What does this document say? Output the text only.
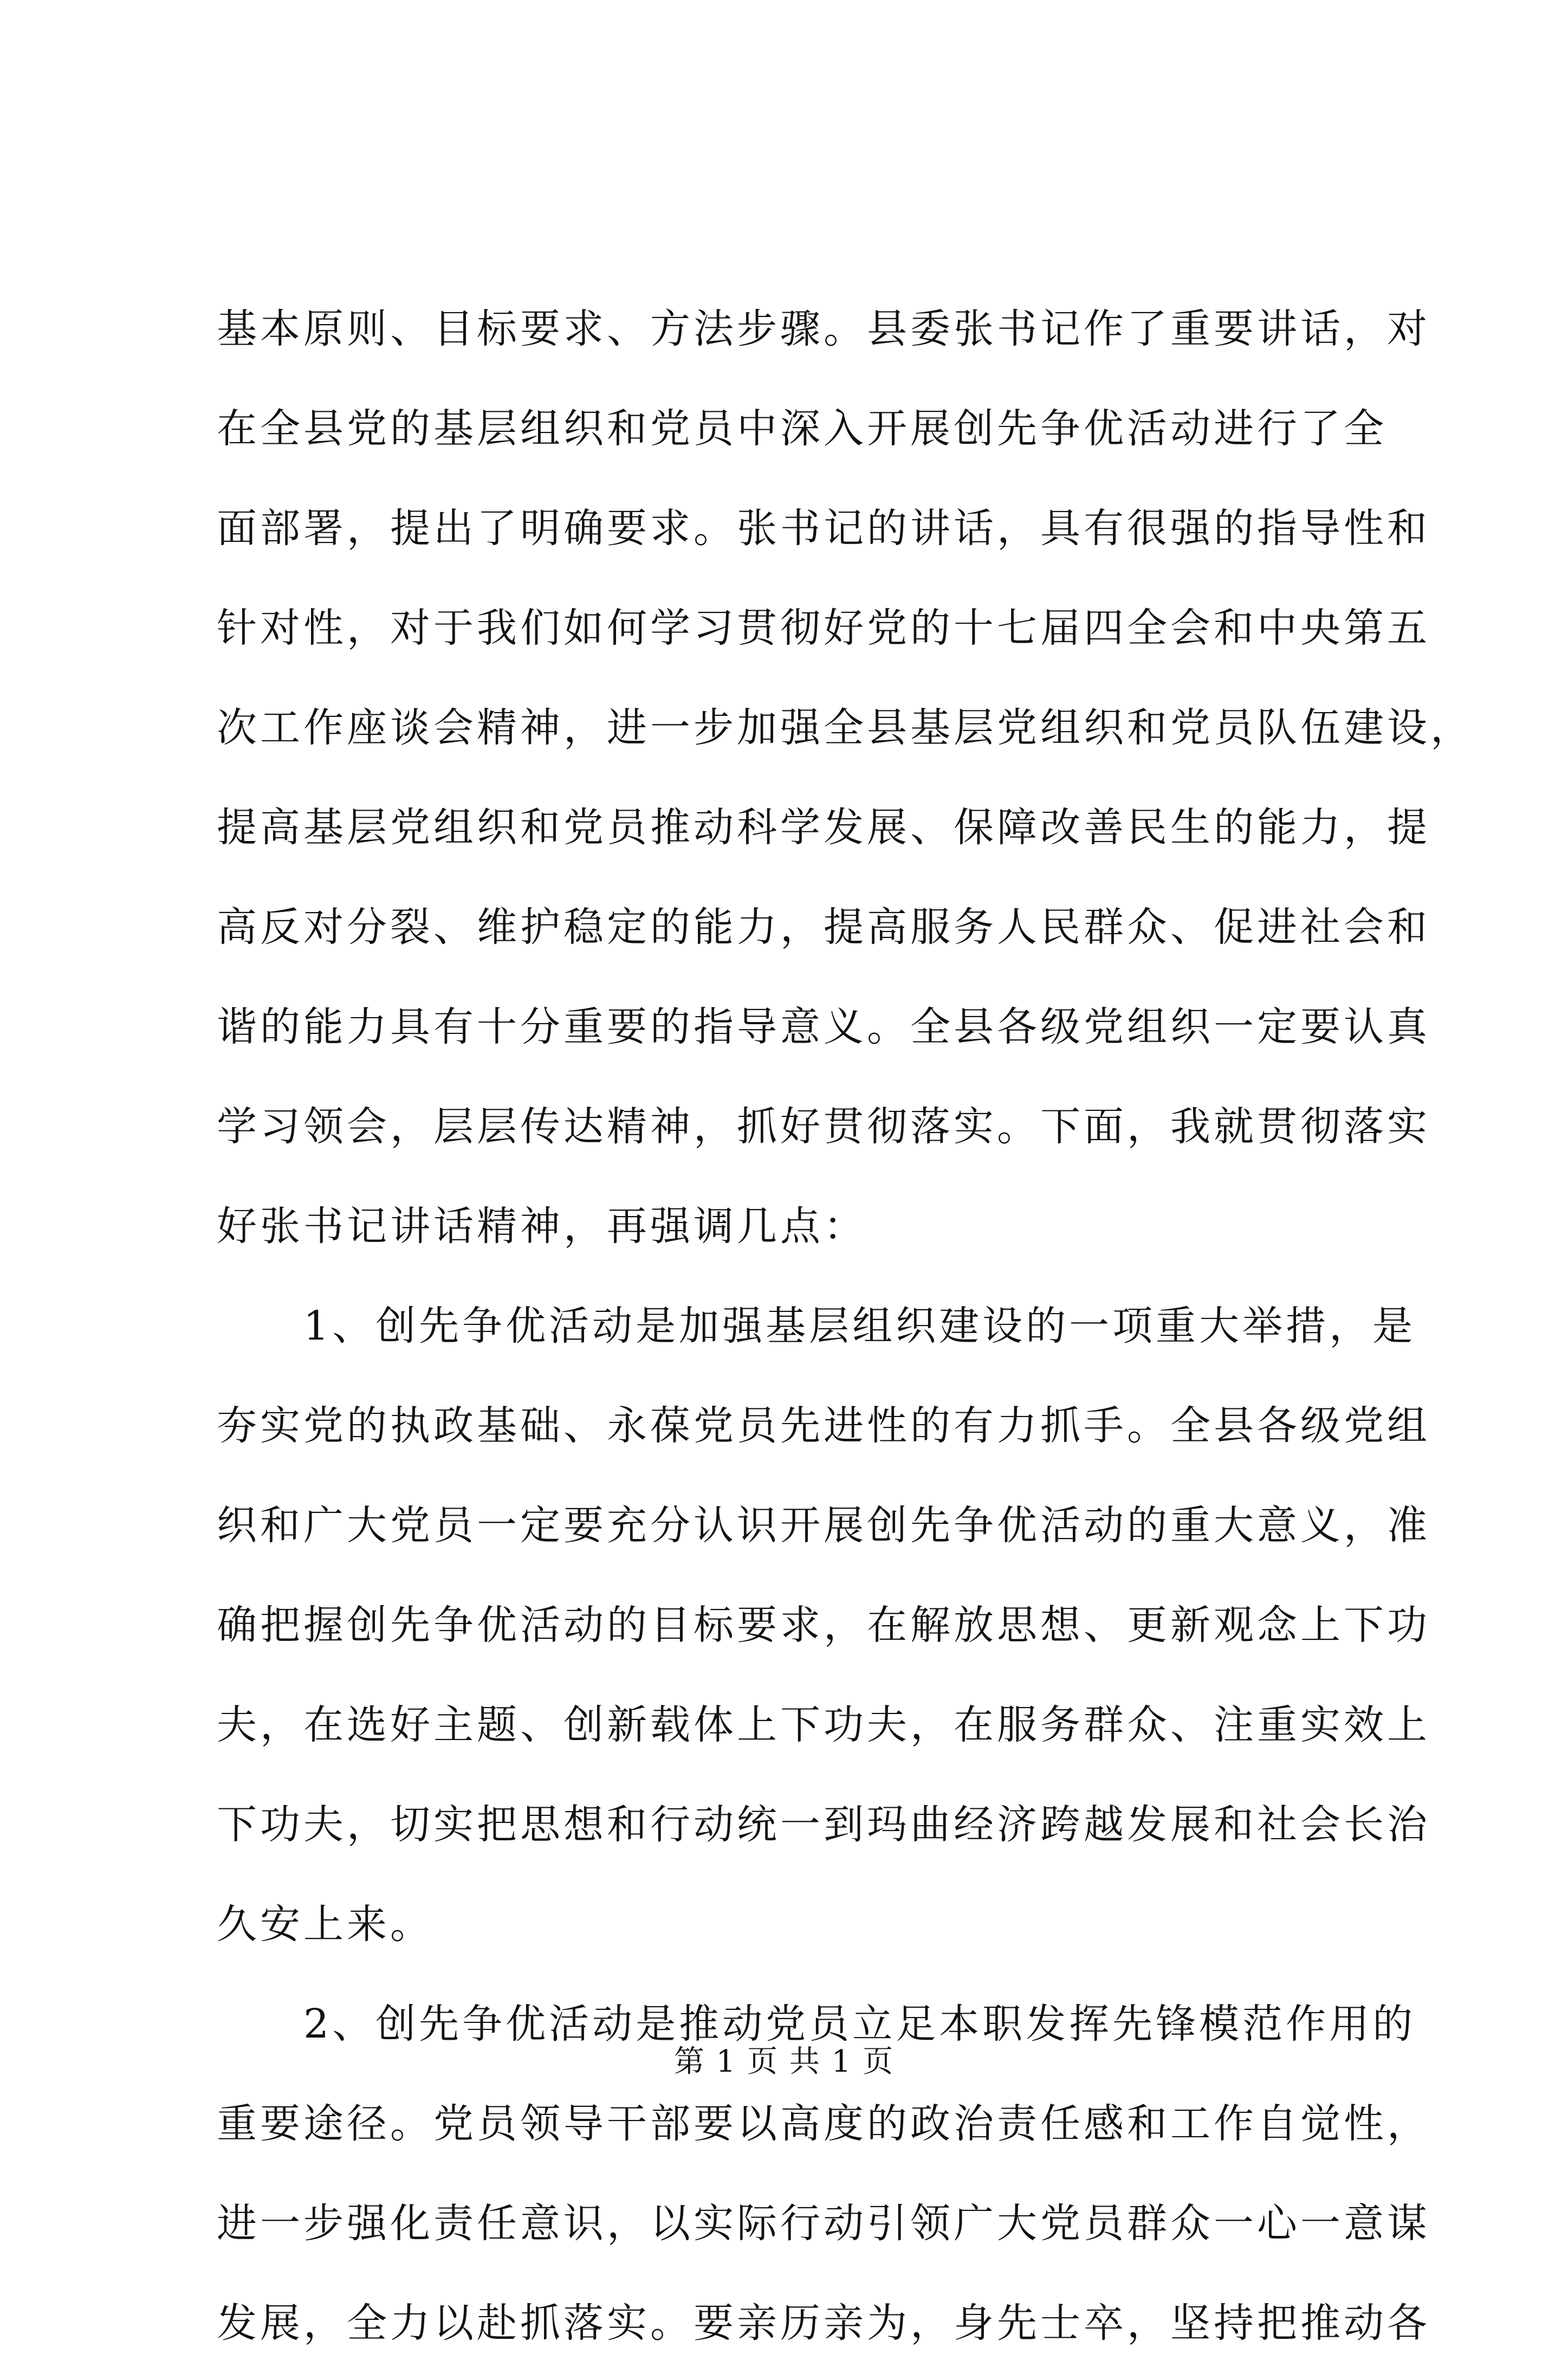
基本原则、目标要求、方法步骤。县委张书记作了重要讲话，对
在全县党的基层组织和党员中深入开展创先争优活动进行了全
面部署，提出了明确要求。张书记的讲话，具有很强的指导性和
针对性，对于我们如何学习贯彻好党的十七届四全会和中央第五
次工作座谈会精神，进一步加强全县基层党组织和党员队伍建设，
提高基层党组织和党员推动科学发展、保障改善民生的能力，提
高反对分裂、维护稳定的能力，提高服务人民群众、促进社会和
谐的能力具有十分重要的指导意义。全县各级党组织一定要认真
学习领会，层层传达精神，抓好贯彻落实。下面，我就贯彻落实
好张书记讲话精神，再强调几点：
　　1、创先争优活动是加强基层组织建设的一项重大举措，是
夯实党的执政基础、永葆党员先进性的有力抓手。全县各级党组
织和广大党员一定要充分认识开展创先争优活动的重大意义，准
确把握创先争优活动的目标要求，在解放思想、更新观念上下功
夫，在选好主题、创新载体上下功夫，在服务群众、注重实效上
下功夫，切实把思想和行动统一到玛曲经济跨越发展和社会长治
久安上来。
　　2、创先争优活动是推动党员立足本职发挥先锋模范作用的
重要途径。党员领导干部要以高度的政治责任感和工作自觉性，
进一步强化责任意识，以实际行动引领广大党员群众一心一意谋
发展，全力以赴抓落实。要亲历亲为，身先士卒，坚持把推动各
第 1 页 共 1 页
